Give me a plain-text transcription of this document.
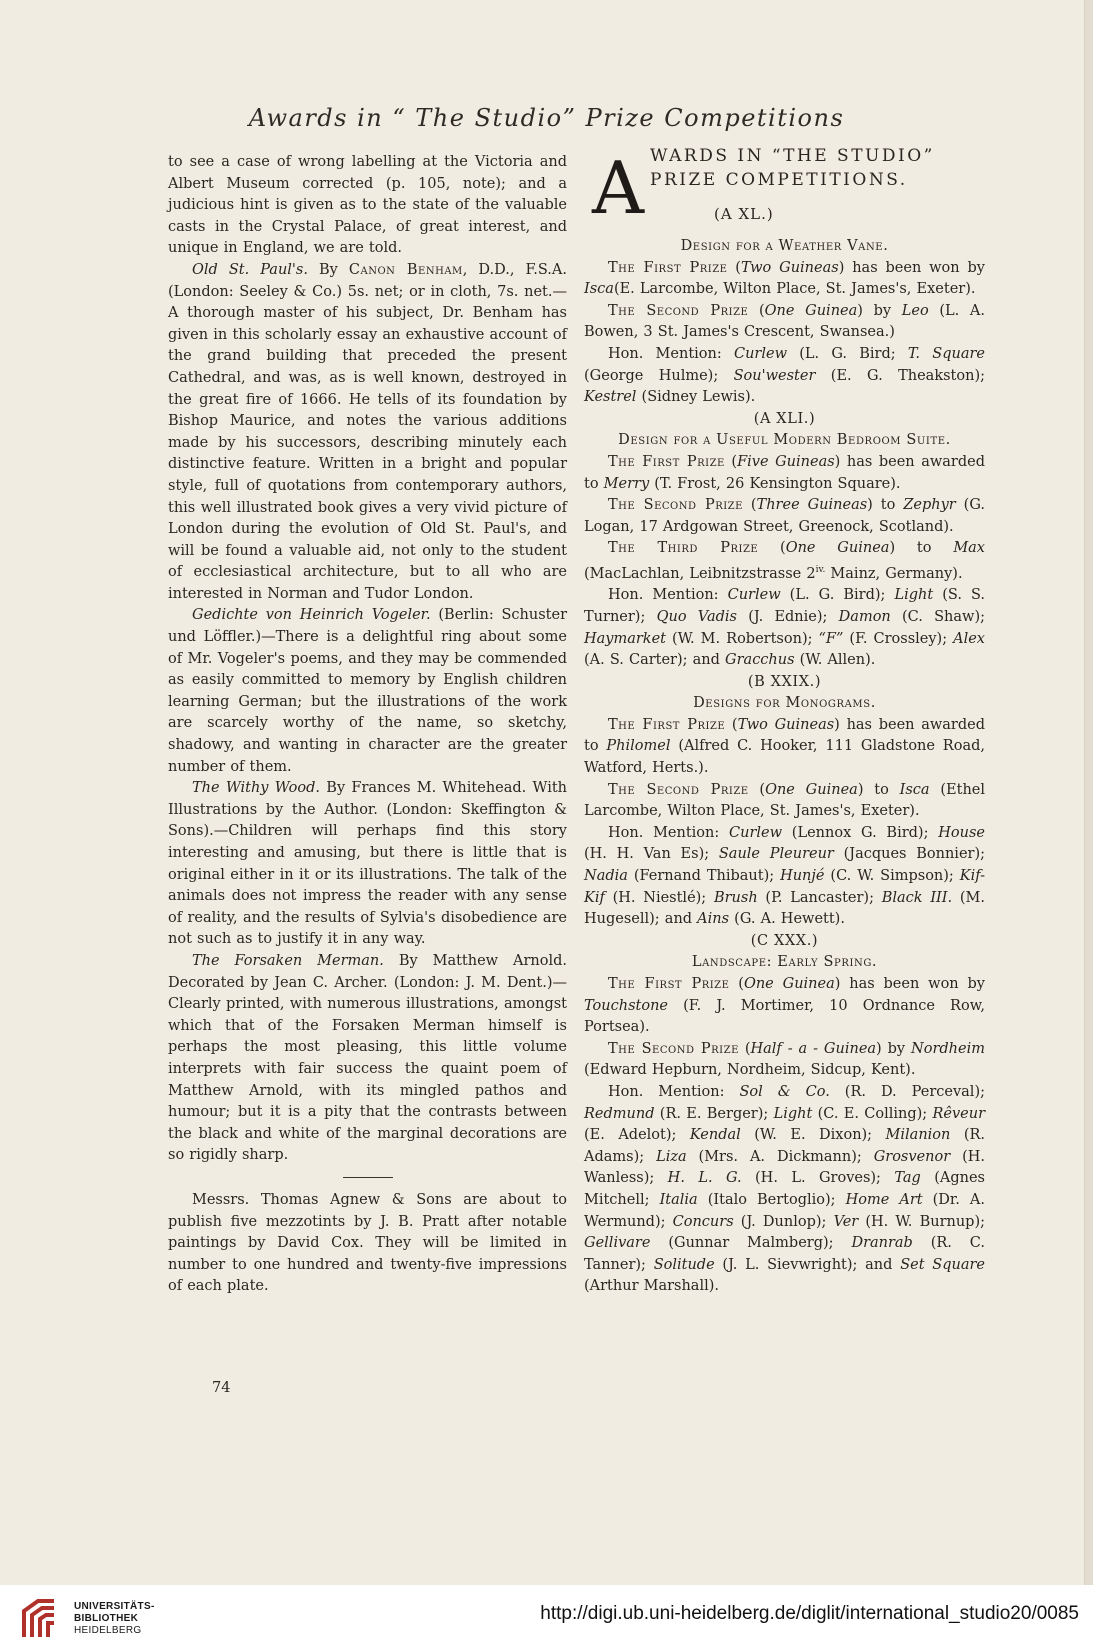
Awards in “ The Studio” Prize Competitions

to see a case of wrong labelling at the Victoria and Albert Museum corrected (p. 105, note); and a judicious hint is given as to the state of the valuable casts in the Crystal Palace, of great interest, and unique in England, we are told.

Old St. Paul's. By Canon Benham, D.D., F.S.A. (London: Seeley & Co.) 5s. net; or in cloth, 7s. net.—A thorough master of his subject, Dr. Benham has given in this scholarly essay an exhaustive account of the grand building that preceded the present Cathedral, and was, as is well known, destroyed in the great fire of 1666. He tells of its foundation by Bishop Maurice, and notes the various additions made by his successors, describing minutely each distinctive feature. Written in a bright and popular style, full of quotations from contemporary authors, this well illustrated book gives a very vivid picture of London during the evolution of Old St. Paul's, and will be found a valuable aid, not only to the student of ecclesiastical architecture, but to all who are interested in Norman and Tudor London.

Gedichte von Heinrich Vogeler. (Berlin: Schuster und Löffler.)—There is a delightful ring about some of Mr. Vogeler's poems, and they may be commended as easily committed to memory by English children learning German; but the illustrations of the work are scarcely worthy of the name, so sketchy, shadowy, and wanting in character are the greater number of them.

The Withy Wood. By Frances M. Whitehead. With Illustrations by the Author. (London: Skeffington & Sons).—Children will perhaps find this story interesting and amusing, but there is little that is original either in it or its illustrations. The talk of the animals does not impress the reader with any sense of reality, and the results of Sylvia's disobedience are not such as to justify it in any way.

The Forsaken Merman. By Matthew Arnold. Decorated by Jean C. Archer. (London: J. M. Dent.)— Clearly printed, with numerous illustrations, amongst which that of the Forsaken Merman himself is perhaps the most pleasing, this little volume interprets with fair success the quaint poem of Matthew Arnold, with its mingled pathos and humour; but it is a pity that the contrasts between the black and white of the marginal decorations are so rigidly sharp.

Messrs. Thomas Agnew & Sons are about to publish five mezzotints by J. B. Pratt after notable paintings by David Cox. They will be limited in number to one hundred and twenty-five impressions of each plate.

74
A WARDS IN “THE STUDIO”
PRIZE COMPETITIONS.
(A XL.)
Design for a Weather Vane.

The First Prize (Two Guineas) has been won by Isca(E. Larcombe, Wilton Place, St. James's, Exeter).

The Second Prize (One Guinea) by Leo (L. A. Bowen, 3 St. James's Crescent, Swansea.)

Hon. Mention: Curlew (L. G. Bird; T. Square (George Hulme); Sou'wester (E. G. Theakston); Kestrel (Sidney Lewis).

(A XLI.)
Design for a Useful Modern Bedroom Suite.

The First Prize (Five Guineas) has been awarded to Merry (T. Frost, 26 Kensington Square).

The Second Prize (Three Guineas) to Zephyr (G. Logan, 17 Ardgowan Street, Greenock, Scotland).

The Third Prize (One Guinea) to Max (MacLachlan, Leibnitzstrasse $2^{iv.}$ Mainz, Germany).

Hon. Mention: Curlew (L. G. Bird); Light (S. S. Turner); Quo Vadis (J. Ednie); Damon (C. Shaw); Haymarket (W. M. Robertson); “F” (F. Crossley); Alex (A. S. Carter); and Gracchus (W. Allen).

(B XXIX.)
Designs for Monograms.

The First Prize (Two Guineas) has been awarded to Philomel (Alfred C. Hooker, 111 Gladstone Road, Watford, Herts.).

The Second Prize (One Guinea) to Isca (Ethel Larcombe, Wilton Place, St. James's, Exeter).

Hon. Mention: Curlew (Lennox G. Bird); House (H. H. Van Es); Saule Pleureur (Jacques Bonnier); Nadia (Fernand Thibaut); Hunjé (C. W. Simpson); Kif-Kif (H. Niestlé); Brush (P. Lancaster); Black III. (M. Hugesell); and Ains (G. A. Hewett).

(C XXX.)
Landscape: Early Spring.

The First Prize (One Guinea) has been won by Touchstone (F. J. Mortimer, 10 Ordnance Row, Portsea).

The Second Prize (Half - a - Guinea) by Nordheim (Edward Hepburn, Nordheim, Sidcup, Kent).

Hon. Mention: Sol & Co. (R. D. Perceval); Redmund (R. E. Berger); Light (C. E. Colling); Rêveur (E. Adelot); Kendal (W. E. Dixon); Milanion (R. Adams); Liza (Mrs. A. Dickmann); Grosvenor (H. Wanless); H. L. G. (H. L. Groves); Tag (Agnes Mitchell; Italia (Italo Bertoglio); Home Art (Dr. A. Wermund); Concurs (J. Dunlop); Ver (H. W. Burnup); Gellivare (Gunnar Malmberg); Dranrab (R. C. Tanner); Solitude (J. L. Sievwright); and Set Square (Arthur Marshall).

UNIVERSITÄTS-
BIBLIOTHEK
HEIDELBERG
http://digi.ub.uni-heidelberg.de/diglit/international_studio20/0085
